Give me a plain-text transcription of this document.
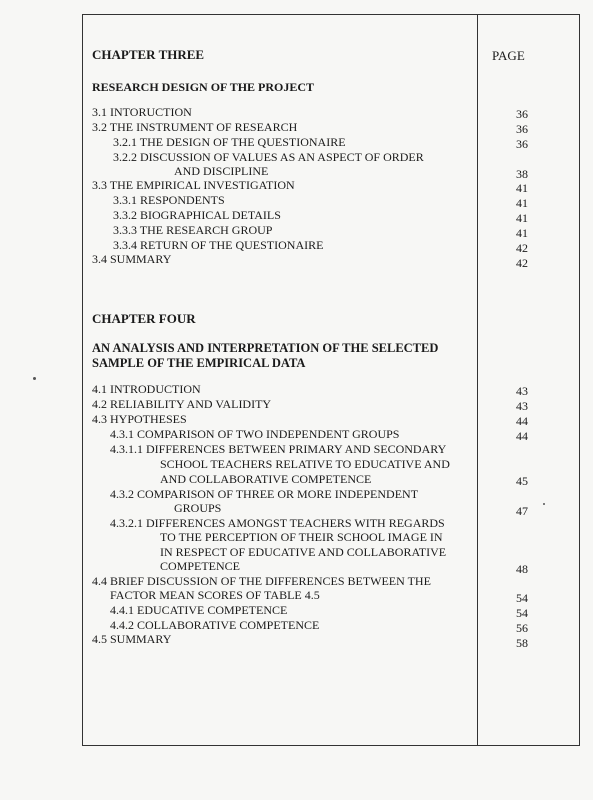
PAGE
CHAPTER THREE
RESEARCH DESIGN OF THE PROJECT
3.1 INTORUCTION	36
3.2 THE INSTRUMENT OF RESEARCH	36
3.2.1 THE DESIGN OF THE QUESTIONAIRE	36
3.2.2 DISCUSSION OF VALUES AS AN ASPECT OF ORDER
AND DISCIPLINE	38
3.3 THE EMPIRICAL INVESTIGATION	41
3.3.1 RESPONDENTS	41
3.3.2 BIOGRAPHICAL DETAILS	41
3.3.3 THE RESEARCH GROUP	41
3.3.4 RETURN OF THE QUESTIONAIRE	42
3.4 SUMMARY	42
CHAPTER FOUR
AN ANALYSIS AND INTERPRETATION OF THE SELECTED
SAMPLE OF THE EMPIRICAL DATA
4.1 INTRODUCTION	43
4.2 RELIABILITY AND VALIDITY	43
4.3 HYPOTHESES	44
4.3.1 COMPARISON OF TWO INDEPENDENT GROUPS	44
4.3.1.1 DIFFERENCES BETWEEN PRIMARY AND SECONDARY
SCHOOL TEACHERS RELATIVE TO EDUCATIVE AND
AND COLLABORATIVE COMPETENCE	45
4.3.2 COMPARISON OF THREE OR MORE INDEPENDENT
GROUPS	47
4.3.2.1 DIFFERENCES AMONGST TEACHERS WITH REGARDS
TO THE PERCEPTION OF THEIR SCHOOL IMAGE IN
IN RESPECT OF EDUCATIVE AND COLLABORATIVE
COMPETENCE	48
4.4 BRIEF DISCUSSION OF THE DIFFERENCES BETWEEN THE
FACTOR MEAN SCORES OF TABLE 4.5	54
4.4.1 EDUCATIVE COMPETENCE	54
4.4.2 COLLABORATIVE COMPETENCE	56
4.5 SUMMARY	58
